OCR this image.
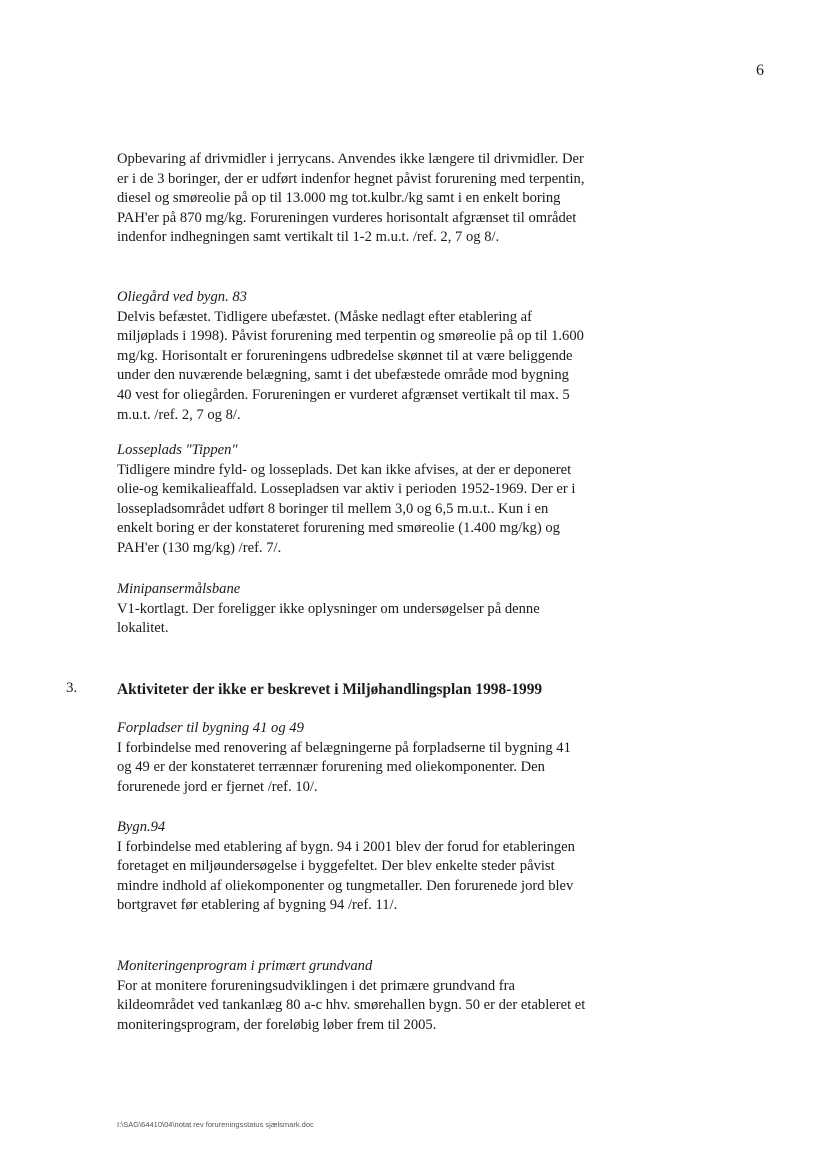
6

Opbevaring af drivmidler i jerrycans. Anvendes ikke længere til drivmidler. Der er i de 3 boringer, der er udført indenfor hegnet påvist forurening med terpentin, diesel og smøreolie på op til 13.000 mg tot.kulbr./kg samt i en enkelt boring PAH'er på 870 mg/kg. Forureningen vurderes horisontalt afgrænset til området indenfor indhegningen samt vertikalt til 1-2 m.u.t. /ref. 2, 7 og 8/.

Oliegård ved bygn. 83

Delvis befæstet. Tidligere ubefæstet. (Måske nedlagt efter etablering af miljøplads i 1998). Påvist forurening med terpentin og smøreolie på op til 1.600 mg/kg. Horisontalt er forureningens udbredelse skønnet til at være beliggende under den nuværende belægning, samt i det ubefæstede område mod bygning 40 vest for oliegården. Forureningen er vurderet afgrænset vertikalt til max. 5 m.u.t. /ref. 2, 7 og 8/.

Losseplads "Tippen"

Tidligere mindre fyld- og losseplads. Det kan ikke afvises, at der er deponeret olie-og kemikalieaffald. Lossepladsen var aktiv i perioden 1952-1969. Der er i lossepladsområdet udført 8 boringer til mellem 3,0 og 6,5 m.u.t.. Kun i en enkelt boring er der konstateret forurening med smøreolie (1.400 mg/kg) og PAH'er (130 mg/kg) /ref. 7/.

Minipansermålsbane

V1-kortlagt. Der foreligger ikke oplysninger om undersøgelser på denne lokalitet.

3.	Aktiviteter der ikke er beskrevet i Miljøhandlingsplan 1998-1999

Forpladser til bygning 41 og 49

I forbindelse med renovering af belægningerne på forpladserne til bygning 41 og 49 er der konstateret terrænnær forurening med oliekomponenter. Den forurenede jord er fjernet /ref. 10/.

Bygn.94

I forbindelse med etablering af bygn. 94 i 2001 blev der forud for etableringen foretaget en miljøundersøgelse i byggefeltet. Der blev enkelte steder påvist mindre indhold af oliekomponenter og tungmetaller. Den forurenede jord blev bortgravet før etablering af bygning 94 /ref. 11/.

Moniteringenprogram i primært grundvand

For at monitere forureningsudviklingen i det primære grundvand fra kildeområdet ved tankanlæg 80 a-c hhv. smørehallen bygn. 50 er der etableret et moniteringsprogram, der foreløbig løber frem til 2005.

I:\SAG\64410\04\notat rev forureningsstatus sjælsmark.doc
